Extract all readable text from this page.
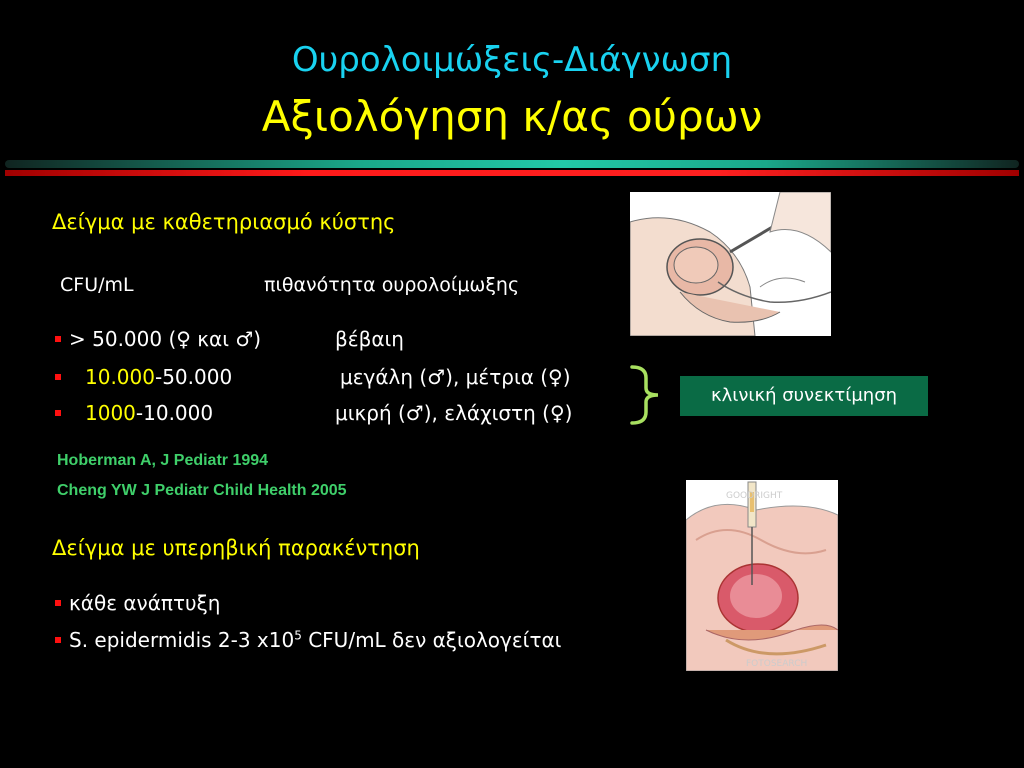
Ουρολοιμώξεις-Διάγνωση
Αξιολόγηση κ/ας ούρων
Δείγμα με καθετηριασμό κύστης
CFU/mL	πιθανότητα ουρολοίμωξης
> 50.000 (♀ και ♂)	βέβαιη
10.000-50.000	μεγάλη (♂), μέτρια (♀)
1000-10.000	μικρή (♂), ελάχιστη (♀)
κλινική συνεκτίμηση
Hoberman A, J Pediatr 1994
Cheng YW J Pediatr Child Health 2005
Δείγμα με υπερηβική παρακέντηση
κάθε ανάπτυξη
S. epidermidis 2-3 $x10^5$ CFU/mL δεν αξιολογείται
GOODRIGHT
FOTOSEARCH
